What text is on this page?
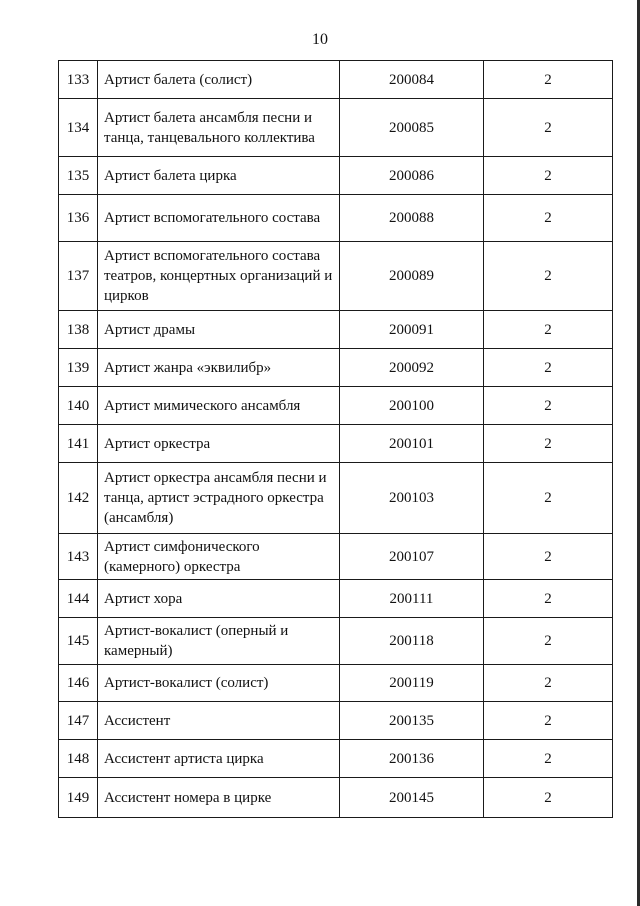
10
133	Артист балета (солист)	200084	2
134	Артист балета ансамбля песни и танца, танцевального коллектива	200085	2
135	Артист балета цирка	200086	2
136	Артист вспомогательного состава	200088	2
137	Артист вспомогательного состава театров, концертных организаций и цирков	200089	2
138	Артист драмы	200091	2
139	Артист жанра «эквилибр»	200092	2
140	Артист мимического ансамбля	200100	2
141	Артист оркестра	200101	2
142	Артист оркестра ансамбля песни и танца, артист эстрадного оркестра (ансамбля)	200103	2
143	Артист симфонического (камерного) оркестра	200107	2
144	Артист хора	200111	2
145	Артист-вокалист (оперный и камерный)	200118	2
146	Артист-вокалист (солист)	200119	2
147	Ассистент	200135	2
148	Ассистент артиста цирка	200136	2
149	Ассистент номера в цирке	200145	2
